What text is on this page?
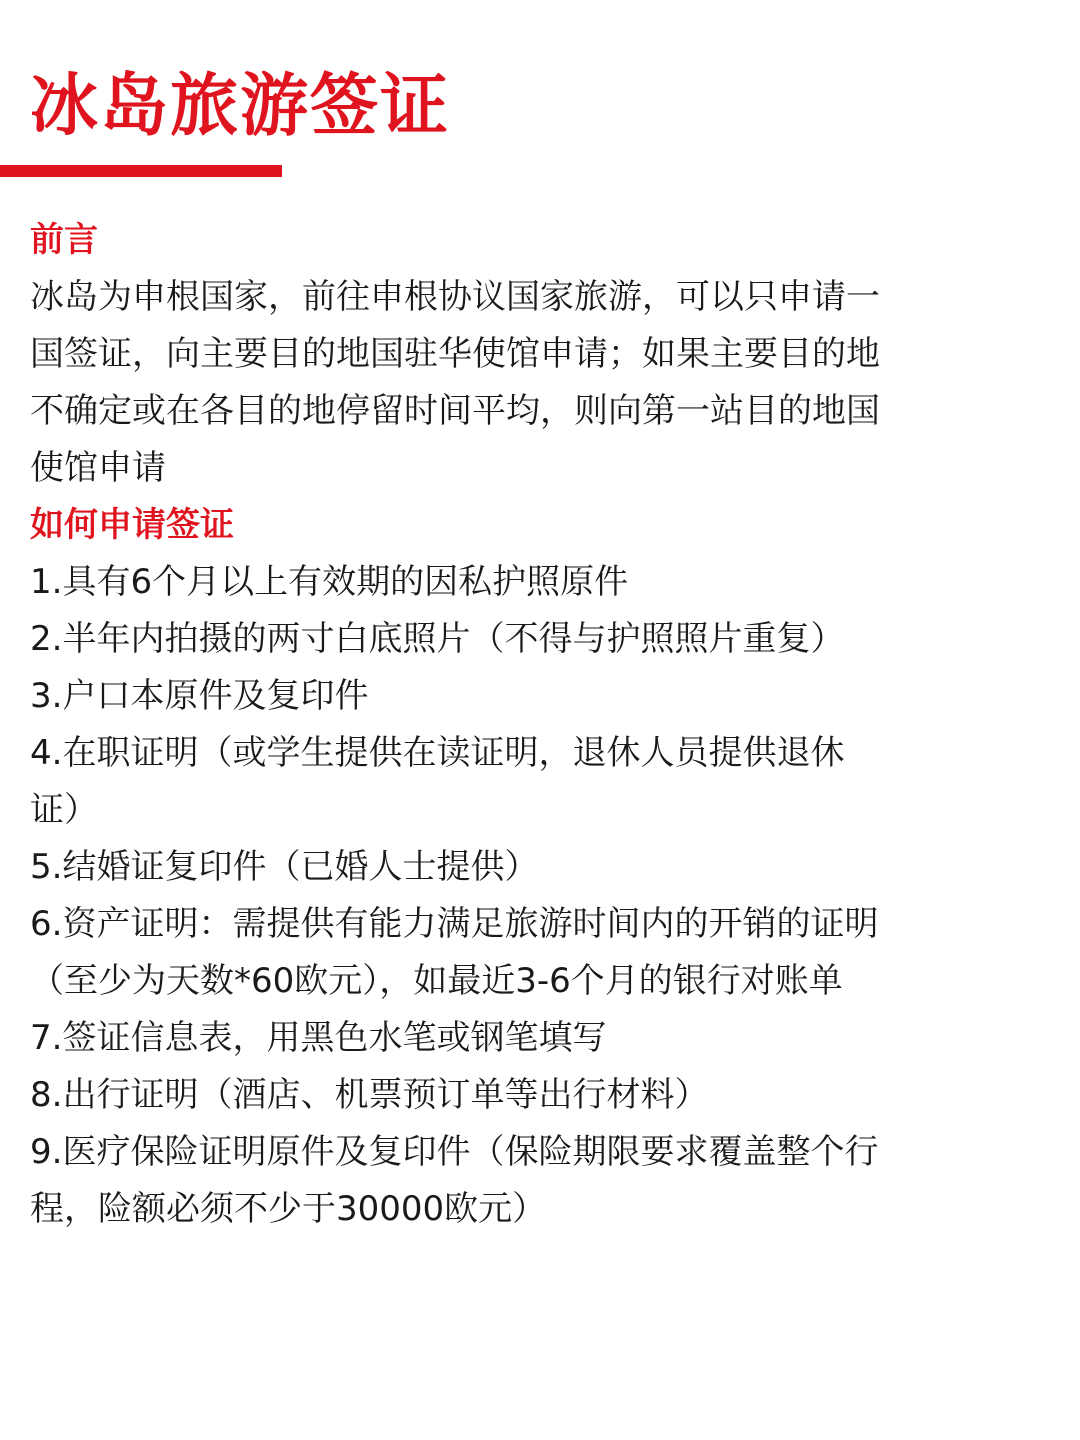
冰岛旅游签证
前言

冰岛为申根国家，前往申根协议国家旅游，可以只申请一
国签证，向主要目的地国驻华使馆申请；如果主要目的地
不确定或在各目的地停留时间平均，则向第一站目的地国
使馆申请

如何申请签证

1.具有6个月以上有效期的因私护照原件

2.半年内拍摄的两寸白底照片（不得与护照照片重复）

3.户口本原件及复印件

4.在职证明（或学生提供在读证明，退休人员提供退休
证）

5.结婚证复印件（已婚人士提供）

6.资产证明：需提供有能力满足旅游时间内的开销的证明
（至少为天数*60欧元），如最近3-6个月的银行对账单

7.签证信息表，用黑色水笔或钢笔填写

8.出行证明（酒店、机票预订单等出行材料）

9.医疗保险证明原件及复印件（保险期限要求覆盖整个行
程，险额必须不少于30000欧元）
